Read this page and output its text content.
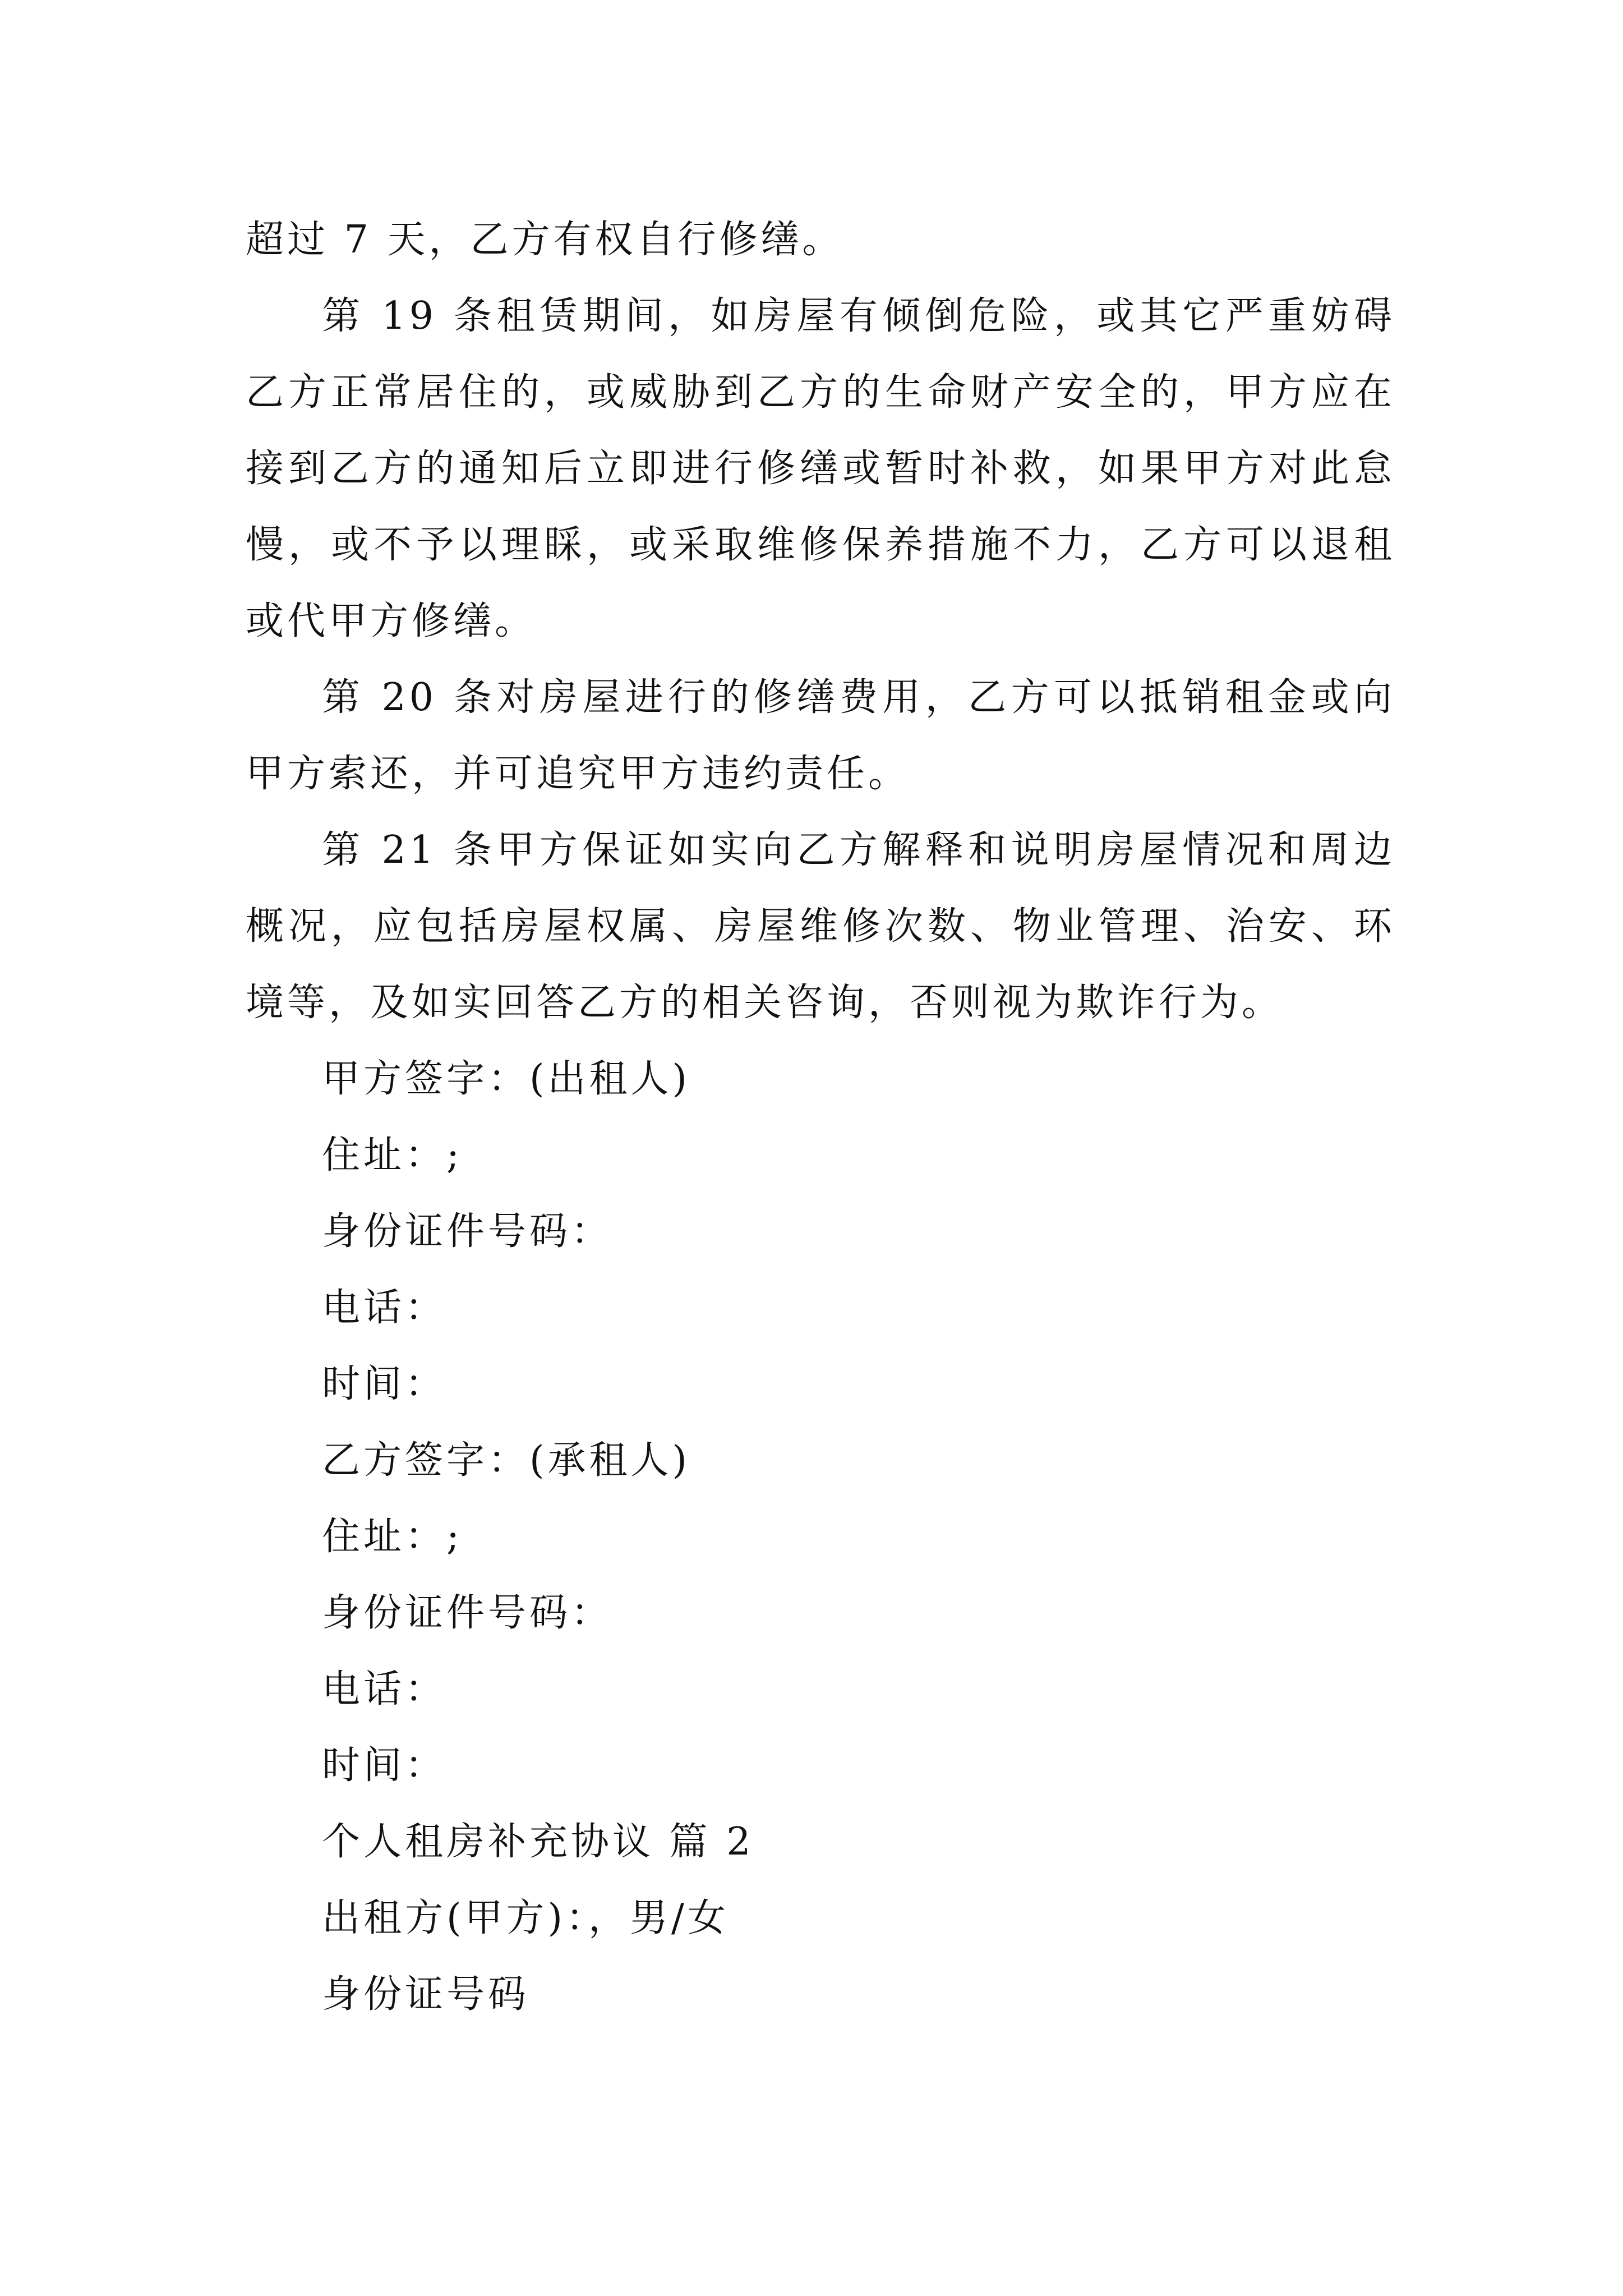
超过 7 天，乙方有权自行修缮。

第 19 条租赁期间，如房屋有倾倒危险，或其它严重妨碍乙方正常居住的，或威胁到乙方的生命财产安全的，甲方应在接到乙方的通知后立即进行修缮或暂时补救，如果甲方对此怠慢，或不予以理睬，或采取维修保养措施不力，乙方可以退租或代甲方修缮。

第 20 条对房屋进行的修缮费用，乙方可以抵销租金或向甲方索还，并可追究甲方违约责任。

第 21 条甲方保证如实向乙方解释和说明房屋情况和周边概况，应包括房屋权属、房屋维修次数、物业管理、治安、环境等，及如实回答乙方的相关咨询，否则视为欺诈行为。

甲方签字：(出租人)

住址：;

身份证件号码：

电话：

时间：

乙方签字：(承租人)

住址：;

身份证件号码：

电话：

时间：

个人租房补充协议 篇 2

出租方(甲方)：，男/女

身份证号码
